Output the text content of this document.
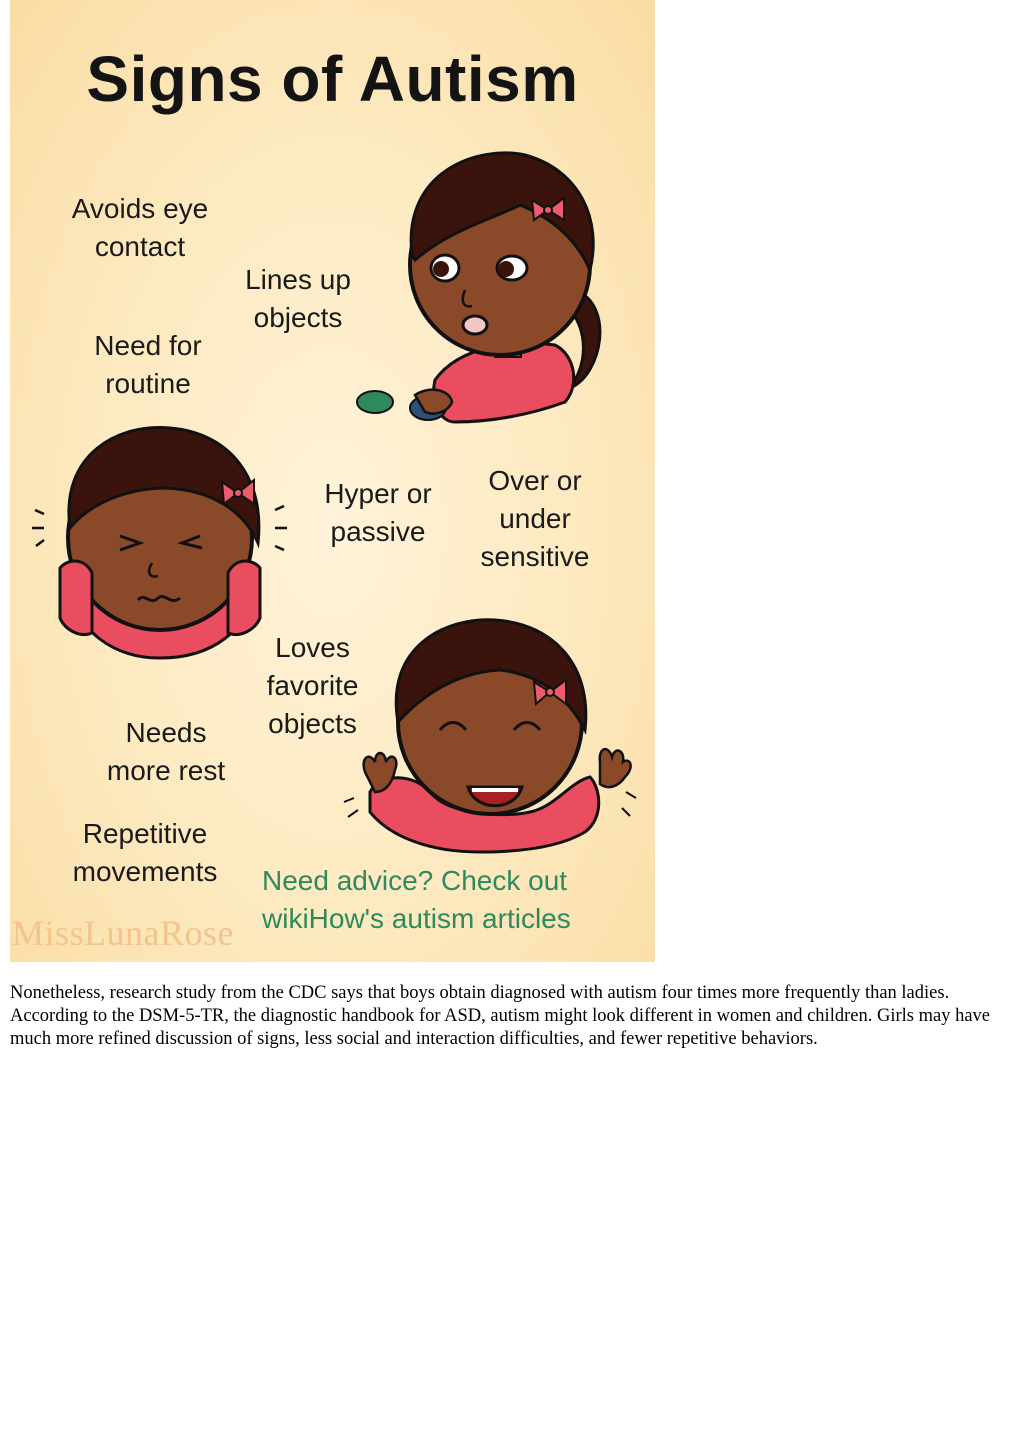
Signs of Autism
Avoids eye
contact
Lines up
objects
Need for
routine
Hyper or
passive
Over or
under
sensitive
Loves
favorite
objects
Needs
more rest
Repetitive
movements	Need advice? Check out wikiHow's autism articles
MissLunaRose

Nonetheless, research study from the CDC says that boys obtain diagnosed with autism four times more frequently than ladies. According to the DSM-5-TR, the diagnostic handbook for ASD, autism might look different in women and children. Girls may have much more refined discussion of signs, less social and interaction difficulties, and fewer repetitive behaviors.
